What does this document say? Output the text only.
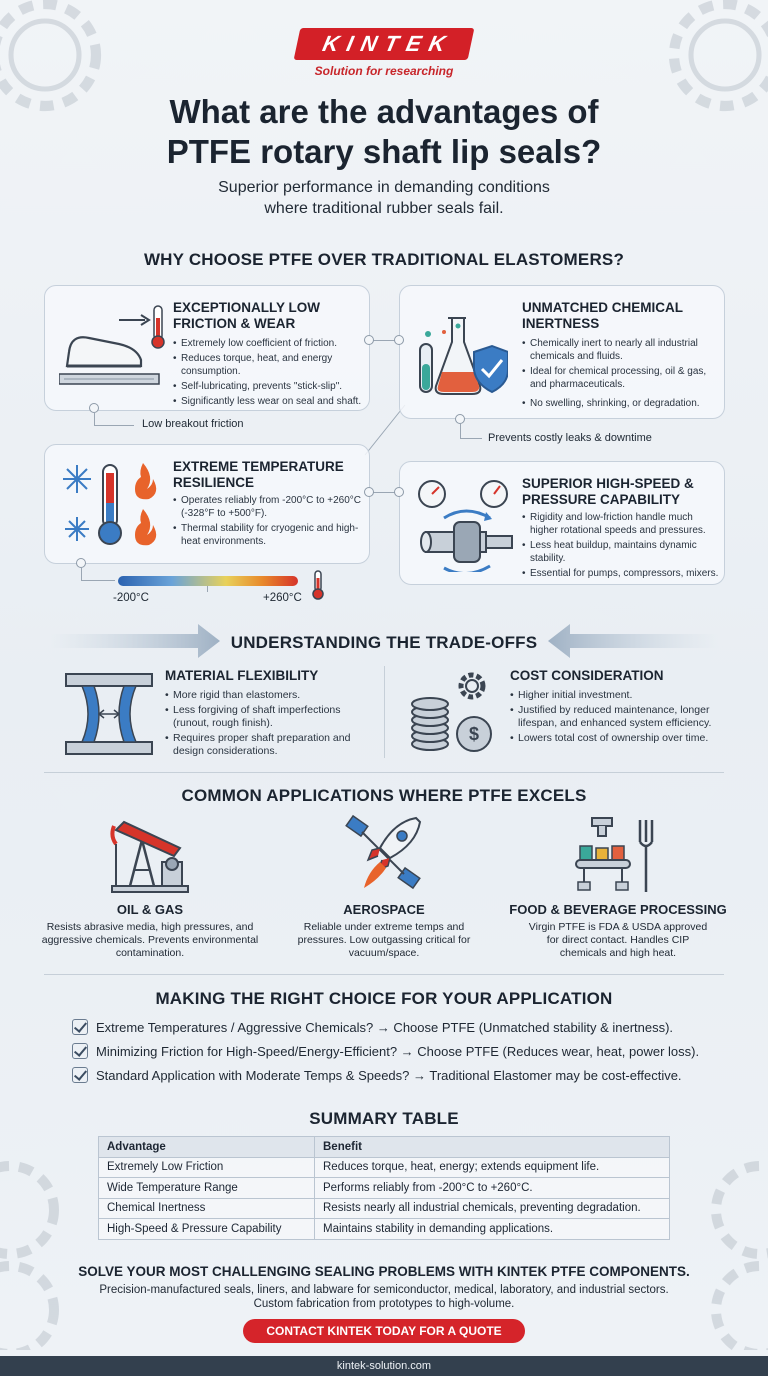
KINTEK
Solution for researching
What are the advantages of
PTFE rotary shaft lip seals?
Superior performance in demanding conditions
where traditional rubber seals fail.
WHY CHOOSE PTFE OVER TRADITIONAL ELASTOMERS?
EXCEPTIONALLY LOW
FRICTION & WEAR
• Extremely low coefficient of friction.
• Reduces torque, heat, and energy consumption.
• Self-lubricating, prevents "stick-slip".
• Significantly less wear on seal and shaft.
Low breakout friction
UNMATCHED CHEMICAL
INERTNESS
• Chemically inert to nearly all industrial chemicals and fluids.
• Ideal for chemical processing, oil & gas, and pharmaceuticals.
• No swelling, shrinking, or degradation.
Prevents costly leaks & downtime
EXTREME TEMPERATURE
RESILIENCE
• Operates reliably from -200°C to +260°C (-328°F to +500°F).
• Thermal stability for cryogenic and high-heat environments.
-200°C	+260°C
SUPERIOR HIGH-SPEED &
PRESSURE CAPABILITY
• Rigidity and low-friction handle much higher rotational speeds and pressures.
• Less heat buildup, maintains dynamic stability.
• Essential for pumps, compressors, mixers.
UNDERSTANDING THE TRADE-OFFS
MATERIAL FLEXIBILITY
• More rigid than elastomers.
• Less forgiving of shaft imperfections (runout, rough finish).
• Requires proper shaft preparation and design considerations.
$
COST CONSIDERATION
• Higher initial investment.
• Justified by reduced maintenance, longer lifespan, and enhanced system efficiency.
• Lowers total cost of ownership over time.
COMMON APPLICATIONS WHERE PTFE EXCELS
OIL & GAS
Resists abrasive media, high pressures, and aggressive chemicals. Prevents environmental contamination.
AEROSPACE
Reliable under extreme temps and pressures. Low outgassing critical for vacuum/space.
FOOD & BEVERAGE PROCESSING
Virgin PTFE is FDA & USDA approved for direct contact. Handles CIP chemicals and high heat.
MAKING THE RIGHT CHOICE FOR YOUR APPLICATION
Extreme Temperatures / Aggressive Chemicals? → Choose PTFE (Unmatched stability & inertness).
Minimizing Friction for High-Speed/Energy-Efficient? → Choose PTFE (Reduces wear, heat, power loss).
Standard Application with Moderate Temps & Speeds? → Traditional Elastomer may be cost-effective.
SUMMARY TABLE
Advantage	Benefit
Extremely Low Friction	Reduces torque, heat, energy; extends equipment life.
Wide Temperature Range	Performs reliably from -200°C to +260°C.
Chemical Inertness	Resists nearly all industrial chemicals, preventing degradation.
High-Speed & Pressure Capability	Maintains stability in demanding applications.
SOLVE YOUR MOST CHALLENGING SEALING PROBLEMS WITH KINTEK PTFE COMPONENTS.
Precision-manufactured seals, liners, and labware for semiconductor, medical, laboratory, and industrial sectors.
Custom fabrication from prototypes to high-volume.
CONTACT KINTEK TODAY FOR A QUOTE
kintek-solution.com
